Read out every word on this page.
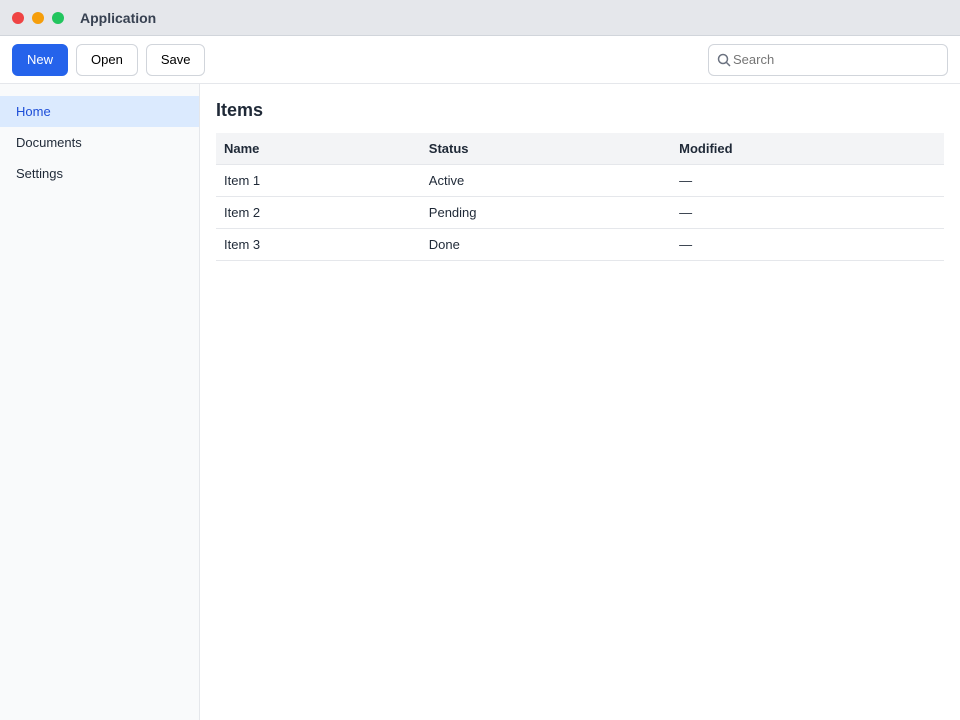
Application
New	Open	Save
Search
Home
Documents
Settings
Items
Name	Status	Modified
Item 1	Active	—
Item 2	Pending	—
Item 3	Done	—
